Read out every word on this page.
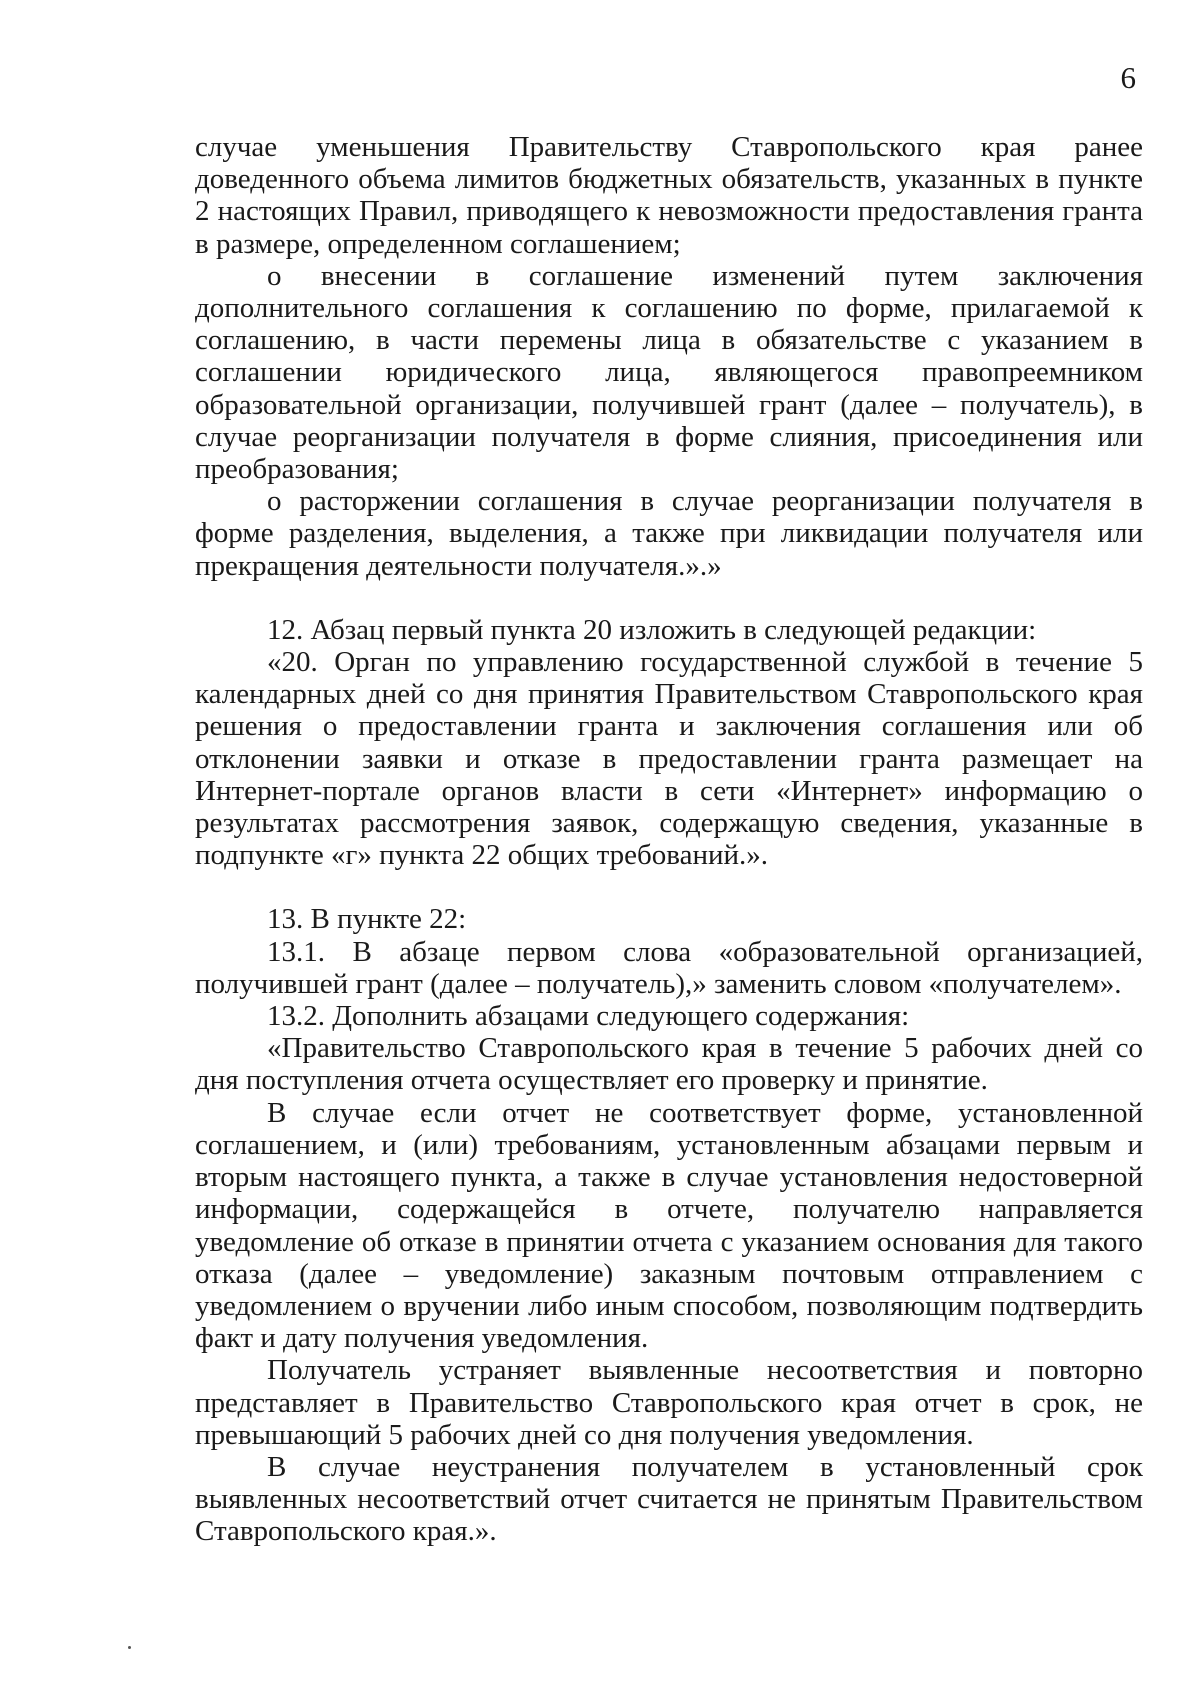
6

случае уменьшения Правительству Ставропольского края ранее доведенного объема лимитов бюджетных обязательств, указанных в пункте 2 настоящих Правил, приводящего к невозможности предоставления гранта в размере, определенном соглашением;

о внесении в соглашение изменений путем заключения дополнительного соглашения к соглашению по форме, прилагаемой к соглашению, в части перемены лица в обязательстве с указанием в соглашении юридического лица, являющегося правопреемником образовательной организации, получившей грант (далее – получатель), в случае реорганизации получателя в форме слияния, присоединения или преобразования;

о расторжении соглашения в случае реорганизации получателя в форме разделения, выделения, а также при ликвидации получателя или прекращения деятельности получателя.».»

12. Абзац первый пункта 20 изложить в следующей редакции:

«20. Орган по управлению государственной службой в течение 5 календарных дней со дня принятия Правительством Ставропольского края решения о предоставлении гранта и заключения соглашения или об отклонении заявки и отказе в предоставлении гранта размещает на Интернет-портале органов власти в сети «Интернет» информацию о результатах рассмотрения заявок, содержащую сведения, указанные в подпункте «г» пункта 22 общих требований.».

13. В пункте 22:

13.1. В абзаце первом слова «образовательной организацией, получившей грант (далее – получатель),» заменить словом «получателем».

13.2. Дополнить абзацами следующего содержания:

«Правительство Ставропольского края в течение 5 рабочих дней со дня поступления отчета осуществляет его проверку и принятие.

В случае если отчет не соответствует форме, установленной соглашением, и (или) требованиям, установленным абзацами первым и вторым настоящего пункта, а также в случае установления недостоверной информации, содержащейся в отчете, получателю направляется уведомление об отказе в принятии отчета с указанием основания для такого отказа (далее – уведомление) заказным почтовым отправлением с уведомлением о вручении либо иным способом, позволяющим подтвердить факт и дату получения уведомления.

Получатель устраняет выявленные несоответствия и повторно представляет в Правительство Ставропольского края отчет в срок, не превышающий 5 рабочих дней со дня получения уведомления.

В случае неустранения получателем в установленный срок выявленных несоответствий отчет считается не принятым Правительством Ставропольского края.».
